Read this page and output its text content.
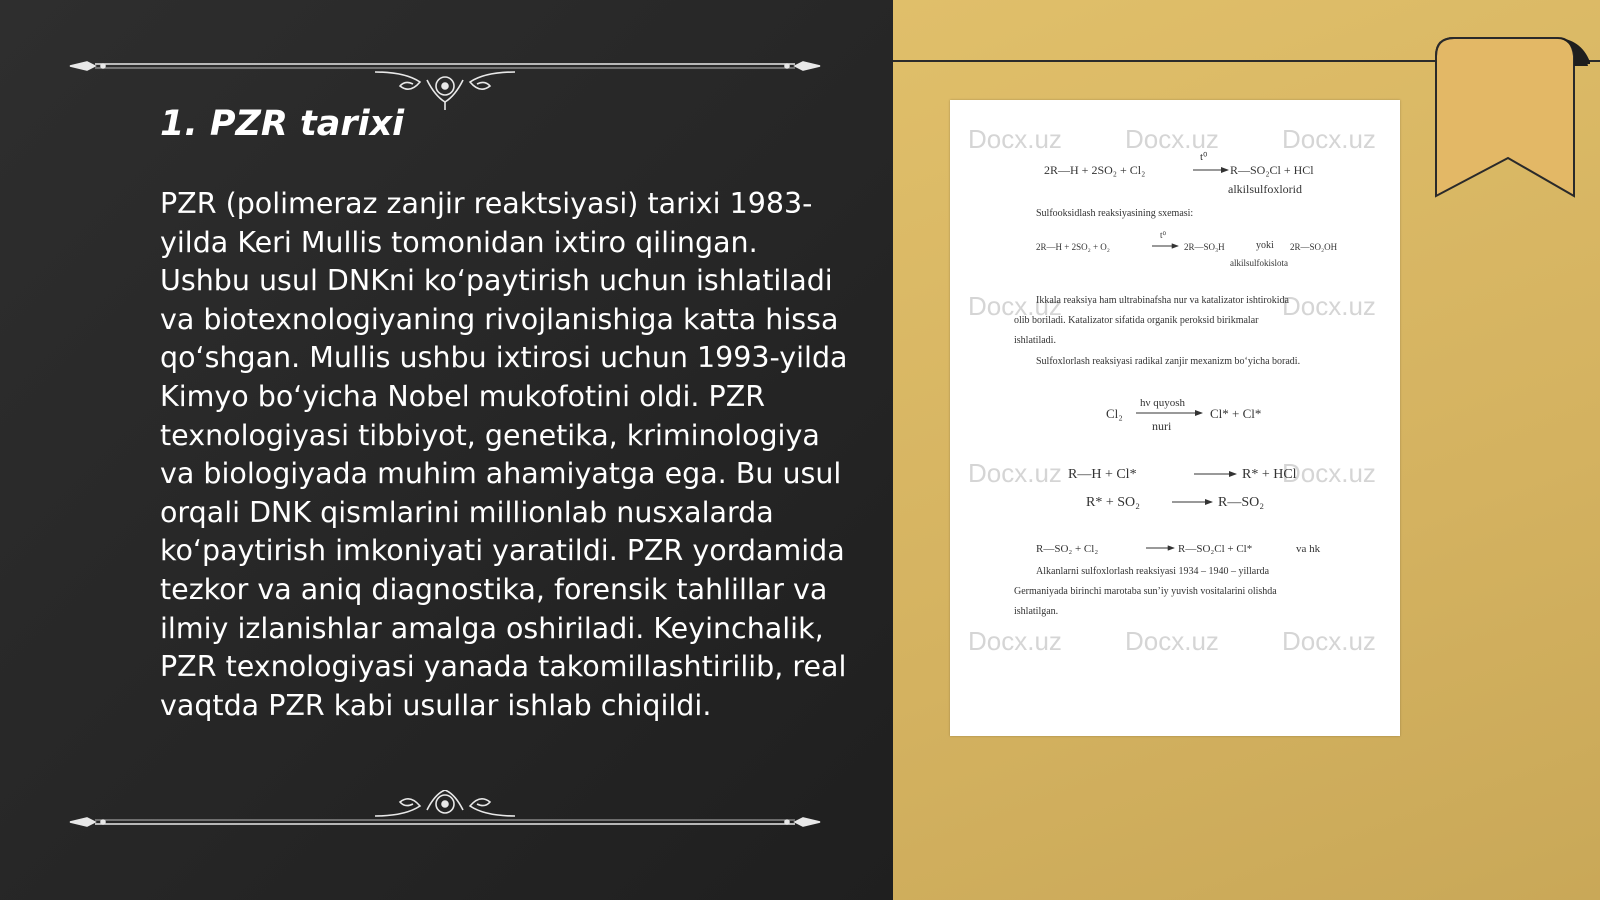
1. PZR tarixi

PZR (polimeraz zanjir reaktsiyasi) tarixi 1983-yilda Keri Mullis tomonidan ixtiro qilingan. Ushbu usul DNKni koʻpaytirish uchun ishlatiladi va biotexnologiyaning rivojlanishiga katta hissa qoʻshgan. Mullis ushbu ixtirosi uchun 1993-yilda Kimyo boʻyicha Nobel mukofotini oldi. PZR texnologiyasi tibbiyot, genetika, kriminologiya va biologiyada muhim ahamiyatga ega. Bu usul orqali DNK qismlarini millionlab nusxalarda koʻpaytirish imkoniyati yaratildi. PZR yordamida tezkor va aniq diagnostika, forensik tahlillar va ilmiy izlanishlar amalga oshiriladi. Keyinchalik, PZR texnologiyasi yanada takomillashtirilib, real vaqtda PZR kabi usullar ishlab chiqildi.

Docx.uz Docx.uz Docx.uz
Docx.uz	Docx.uz
Docx.uz	Docx.uz
Docx.uz Docx.uz Docx.uz
2R—H + 2SO₂ + Cl₂
t⁰
R—SO₂Cl + HCl
alkilsulfoxlorid
Sulfooksidlash reaksiyasining sxemasi:
2R—H + 2SO₂ + O₂
t⁰
2R—SO₃H	yoki 2R—SO₂OH
alkilsulfokislota
Ikkala reaksiya ham ultrabinafsha nur va katalizator ishtirokida
olib boriladi. Katalizator sifatida organik peroksid birikmalar
ishlatiladi.
Sulfoxlorlash reaksiyasi radikal zanjir mexanizm boʻyicha boradi.
Cl₂
hν quyosh
nuri
Cl* + Cl*
R—H + Cl*	R* + HCl
R* + SO₂	R—SO₂
R—SO₂ + Cl₂	R—SO₂Cl + Cl*	va hk
Alkanlarni sulfoxlorlash reaksiyasi 1934 – 1940 – yillarda
Germaniyada birinchi marotaba sunʼiy yuvish vositalarini olishda
ishlatilgan.
